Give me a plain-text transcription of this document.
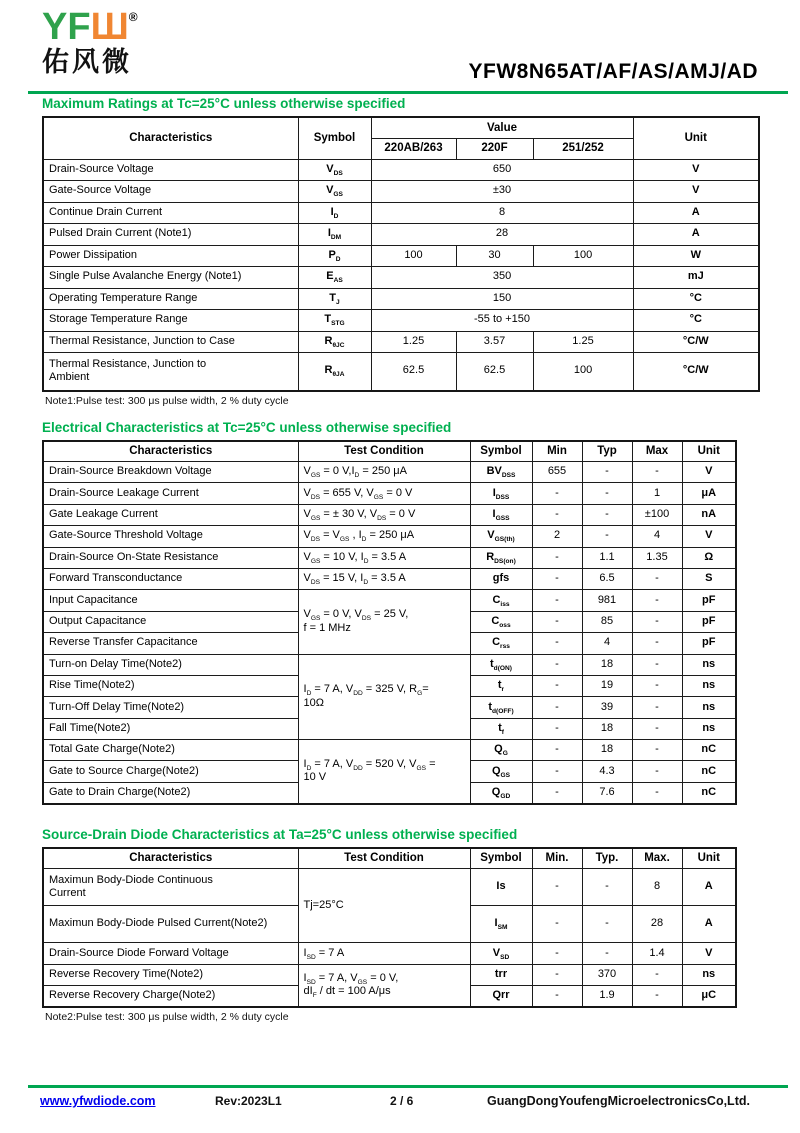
YFШ®
佑风微	YFW8N65AT/AF/AS/AMJ/AD
Maximum Ratings at Tc=25°C unless otherwise specified
Characteristics	Symbol	Value			Unit
		220AB/263	220F	251/252	
Drain-Source Voltage	$V_{DS}$	650			V
Gate-Source Voltage	$V_{GS}$	±30			V
Continue Drain Current	$I_D$	8			A
Pulsed Drain Current (Note1)	$I_{DM}$	28			A
Power Dissipation	$P_D$	100	30	100	W
Single Pulse Avalanche Energy (Note1)	$E_{AS}$	350			mJ
Operating Temperature Range	$T_J$	150			°C
Storage Temperature Range	$T_{STG}$	-55 to +150			°C
Thermal Resistance, Junction to Case	$R_{\theta JC}$	1.25	3.57	1.25	°C/W
Thermal Resistance, Junction to
Ambient	$R_{\theta JA}$	62.5	62.5	100	°C/W
Note1:Pulse test: 300 μs pulse width, 2 % duty cycle
Electrical Characteristics at Tc=25°C unless otherwise specified
Characteristics	Test Condition	Symbol	Min	Typ	Max	Unit
Drain-Source Breakdown Voltage	$V_{GS} = 0$ $V,I_D = 250$ μA	$BV_{DSS}$	655	-	-	V
Drain-Source Leakage Current	$V_{DS} = 655$ V, $V_{GS} = 0$ V	$I_{DSS}$	-	-	1	μA
Gate Leakage Current	$V_{GS}$ = ± 30 V, $V_{DS} = 0$ V	$I_{GSS}$	-	-	±100	nA
Gate-Source Threshold Voltage	$V_{DS} = V_{GS}$ , $I_D = 250$ μA	$V_{GS(th)}$	2	-	4	V
Drain-Source On-State Resistance	$V_{GS} = 10$ V, $I_D = 3.5$ A	$R_{DS(on)}$	-	1.1	1.35	Ω
Forward Transconductance	$V_{DS} = 15$ V, $I_D = 3.5$ A	gfs	-	6.5	-	S
Input Capacitance	$V_{GS} = 0$ V, $V_{DS} = 25$ V,
f = 1 MHz	$C_{iss}$	-	981	-	pF
Output Capacitance		$C_{oss}$	-	85	-	pF
Reverse Transfer Capacitance		$C_{rss}$	-	4	-	pF
Turn-on Delay Time(Note2)	$I_D = 7$ A, $V_{DD} = 325$ V, $R_G=$
10Ω	$t_{d(ON)}$	-	18	-	ns
Rise Time(Note2)		$t_r$	-	19	-	ns
Turn-Off Delay Time(Note2)		$t_{d(OFF)}$	-	39	-	ns
Fall Time(Note2)		$t_f$	-	18	-	ns
Total Gate Charge(Note2)	$I_D = 7$ A, $V_{DD} = 520$ V, $V_{GS}$ =
10 V	$Q_G$	-	18	-	nC
Gate to Source Charge(Note2)		$Q_{GS}$	-	4.3	-	nC
Gate to Drain Charge(Note2)		$Q_{GD}$	-	7.6	-	nC
Source-Drain Diode Characteristics at Ta=25°C unless otherwise specified
Characteristics	Test Condition	Symbol	Min.	Typ.	Max.	Unit
Maximun Body-Diode Continuous
Current	Tj=25°C	Is	-	-	8	A
Maximun Body-Diode Pulsed Current(Note2)		$I_{SM}$	-	-	28	A
Drain-Source Diode Forward Voltage	$I_{SD} = 7$ A	$V_{SD}$	-	-	1.4	V
Reverse Recovery Time(Note2)	$I_{SD} = 7$ A, $V_{GS} = 0$ V,
$dI_F$ / dt = 100 A/μs	trr	-	370	-	ns
Reverse Recovery Charge(Note2)		Qrr	-	1.9	-	μC
Note2:Pulse test: 300 μs pulse width, 2 % duty cycle
www.yfwdiode.com	Rev:2023L1	2 / 6	GuangDongYoufengMicroelectronicsCo,Ltd.
